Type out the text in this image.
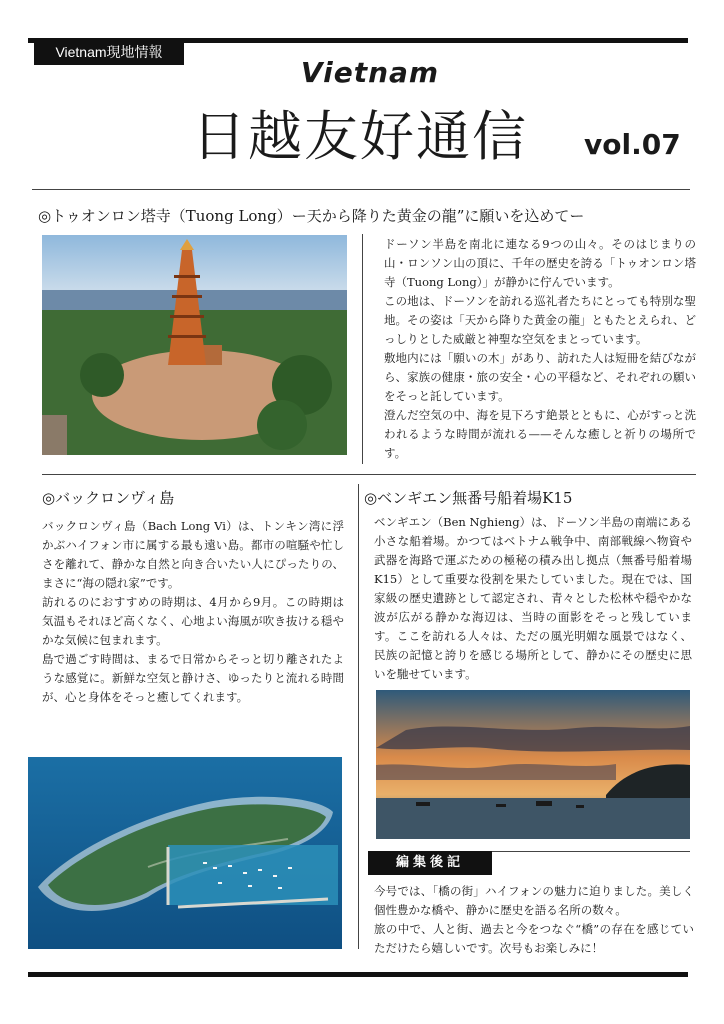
Vietnam現地情報
Vietnam
日越友好通信	vol.07
◎トゥオンロン塔寺（Tuong Long）ー天から降りた黄金の龍”に願いを込めてー

ドーソン半島を南北に連なる9つの山々。そのはじまりの山・ロンソン山の頂に、千年の歴史を誇る「トゥオンロン塔寺（Tuong Long）」が静かに佇んでいます。

この地は、ドーソンを訪れる巡礼者たちにとっても特別な聖地。その姿は「天から降りた黄金の龍」ともたとえられ、どっしりとした威厳と神聖な空気をまとっています。

敷地内には「願いの木」があり、訪れた人は短冊を結びながら、家族の健康・旅の安全・心の平穏など、それぞれの願いをそっと託しています。

澄んだ空気の中、海を見下ろす絶景とともに、心がすっと洗われるような時間が流れる——そんな癒しと祈りの場所です。

◎バックロンヴィ島

バックロンヴィ島（Bach Long Vi）は、トンキン湾に浮かぶハイフォン市に属する最も遠い島。都市の喧騒や忙しさを離れて、静かな自然と向き合いたい人にぴったりの、まさに“海の隠れ家”です。

訪れるのにおすすめの時期は、4月から9月。この時期は気温もそれほど高くなく、心地よい海風が吹き抜ける穏やかな気候に包まれます。

島で過ごす時間は、まるで日常からそっと切り離されたような感覚に。新鮮な空気と静けさ、ゆったりと流れる時間が、心と身体をそっと癒してくれます。

◎ベンギエン無番号船着場K15

ベンギエン（Ben Nghieng）は、ドーソン半島の南端にある小さな船着場。かつてはベトナム戦争中、南部戦線へ物資や武器を海路で運ぶための極秘の積み出し拠点（無番号船着場K15）として重要な役割を果たしていました。現在では、国家級の歴史遺跡として認定され、青々とした松林や穏やかな波が広がる静かな海辺は、当時の面影をそっと残しています。ここを訪れる人々は、ただの風光明媚な風景ではなく、民族の記憶と誇りを感じる場所として、静かにその歴史に思いを馳せています。

編集後記

今号では、「橋の街」ハイフォンの魅力に迫りました。美しく個性豊かな橋や、静かに歴史を語る名所の数々。

旅の中で、人と街、過去と今をつなぐ“橋”の存在を感じていただけたら嬉しいです。次号もお楽しみに！
